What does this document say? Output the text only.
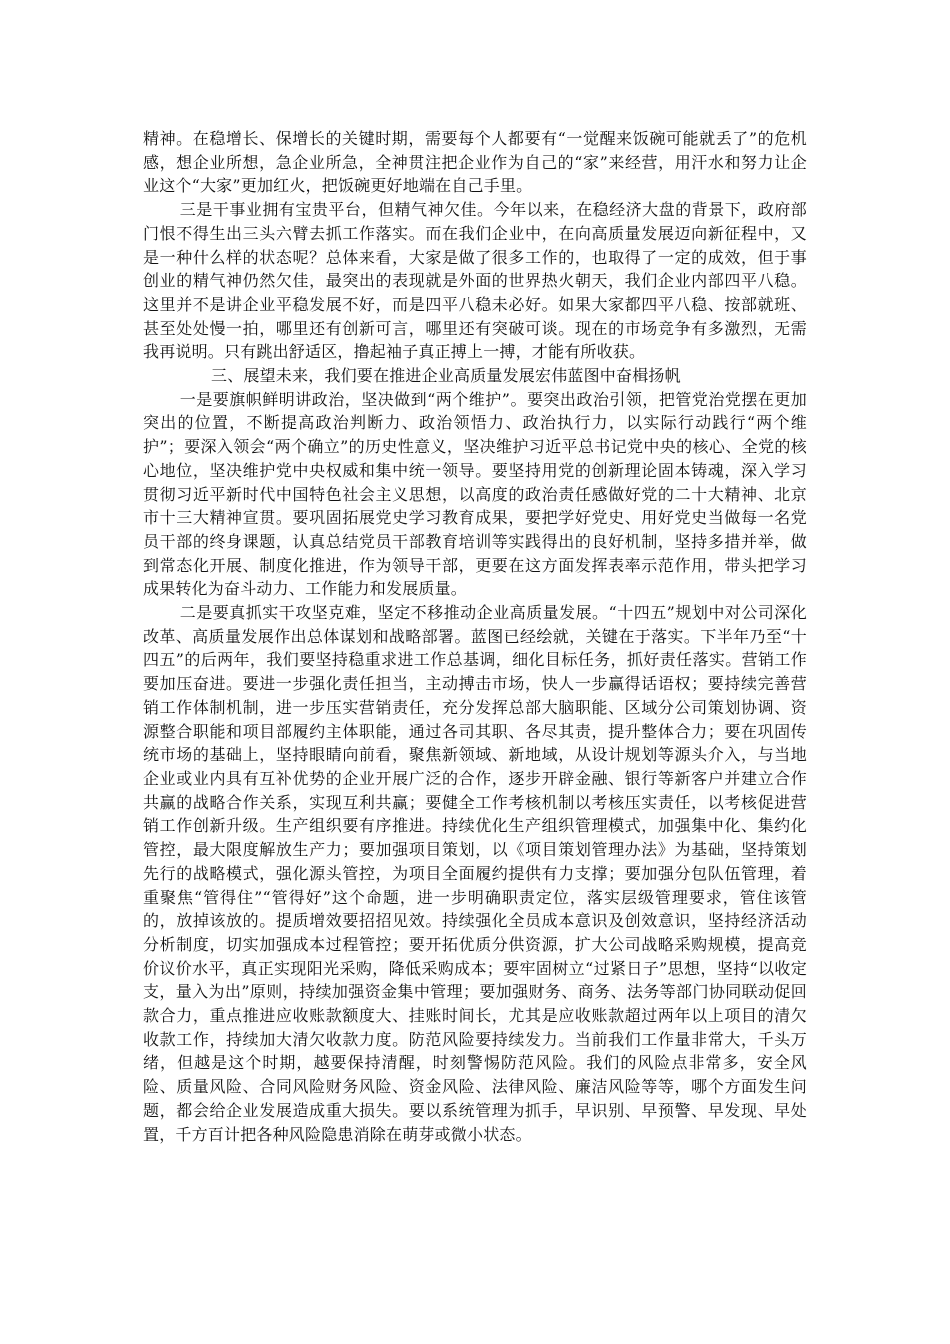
精神。在稳增长、保增长的关键时期，需要每个人都要有“一觉醒来饭碗可能就丢了”的危机感，想企业所想，急企业所急，全神贯注把企业作为自己的“家”来经营，用汗水和努力让企业这个“大家”更加红火，把饭碗更好地端在自己手里。

三是干事业拥有宝贵平台，但精气神欠佳。今年以来，在稳经济大盘的背景下，政府部门恨不得生出三头六臂去抓工作落实。而在我们企业中，在向高质量发展迈向新征程中，又是一种什么样的状态呢？总体来看，大家是做了很多工作的，也取得了一定的成效，但于事创业的精气神仍然欠佳，最突出的表现就是外面的世界热火朝天，我们企业内部四平八稳。这里并不是讲企业平稳发展不好，而是四平八稳未必好。如果大家都四平八稳、按部就班、甚至处处慢一拍，哪里还有创新可言，哪里还有突破可谈。现在的市场竞争有多激烈，无需我再说明。只有跳出舒适区，撸起袖子真正搏上一搏，才能有所收获。

三、展望未来，我们要在推进企业高质量发展宏伟蓝图中奋楫扬帆

一是要旗帜鲜明讲政治，坚决做到“两个维护”。要突出政治引领，把管党治党摆在更加突出的位置，不断提高政治判断力、政治领悟力、政治执行力，以实际行动践行“两个维护”；要深入领会“两个确立”的历史性意义，坚决维护习近平总书记党中央的核心、全党的核心地位，坚决维护党中央权威和集中统一领导。要坚持用党的创新理论固本铸魂，深入学习贯彻习近平新时代中国特色社会主义思想，以高度的政治责任感做好党的二十大精神、北京市十三大精神宣贯。要巩固拓展党史学习教育成果，要把学好党史、用好党史当做每一名党员干部的终身课题，认真总结党员干部教育培训等实践得出的良好机制，坚持多措并举，做到常态化开展、制度化推进，作为领导干部，更要在这方面发挥表率示范作用，带头把学习成果转化为奋斗动力、工作能力和发展质量。

二是要真抓实干攻坚克难，坚定不移推动企业高质量发展。“十四五”规划中对公司深化改革、高质量发展作出总体谋划和战略部署。蓝图已经绘就，关键在于落实。下半年乃至“十四五”的后两年，我们要坚持稳重求进工作总基调，细化目标任务，抓好责任落实。营销工作要加压奋进。要进一步强化责任担当，主动搏击市场，快人一步赢得话语权；要持续完善营销工作体制机制，进一步压实营销责任，充分发挥总部大脑职能、区域分公司策划协调、资源整合职能和项目部履约主体职能，通过各司其职、各尽其责，提升整体合力；要在巩固传统市场的基础上，坚持眼睛向前看，聚焦新领域、新地域，从设计规划等源头介入，与当地企业或业内具有互补优势的企业开展广泛的合作，逐步开辟金融、银行等新客户并建立合作共赢的战略合作关系，实现互利共赢；要健全工作考核机制以考核压实责任，以考核促进营销工作创新升级。生产组织要有序推进。持续优化生产组织管理模式，加强集中化、集约化管控，最大限度解放生产力；要加强项目策划，以《项目策划管理办法》为基础，坚持策划先行的战略模式，强化源头管控，为项目全面履约提供有力支撑；要加强分包队伍管理，着重聚焦“管得住”“管得好”这个命题，进一步明确职责定位，落实层级管理要求，管住该管的，放掉该放的。提质增效要招招见效。持续强化全员成本意识及创效意识，坚持经济活动分析制度，切实加强成本过程管控；要开拓优质分供资源，扩大公司战略采购规模，提高竞价议价水平，真正实现阳光采购，降低采购成本；要牢固树立“过紧日子”思想，坚持“以收定支，量入为出”原则，持续加强资金集中管理；要加强财务、商务、法务等部门协同联动促回款合力，重点推进应收账款额度大、挂账时间长，尤其是应收账款超过两年以上项目的清欠收款工作，持续加大清欠收款力度。防范风险要持续发力。当前我们工作量非常大，千头万绪，但越是这个时期，越要保持清醒，时刻警惕防范风险。我们的风险点非常多，安全风险、质量风险、合同风险财务风险、资金风险、法律风险、廉洁风险等等，哪个方面发生问题，都会给企业发展造成重大损失。要以系统管理为抓手，早识别、早预警、早发现、早处置，千方百计把各种风险隐患消除在萌芽或微小状态。
